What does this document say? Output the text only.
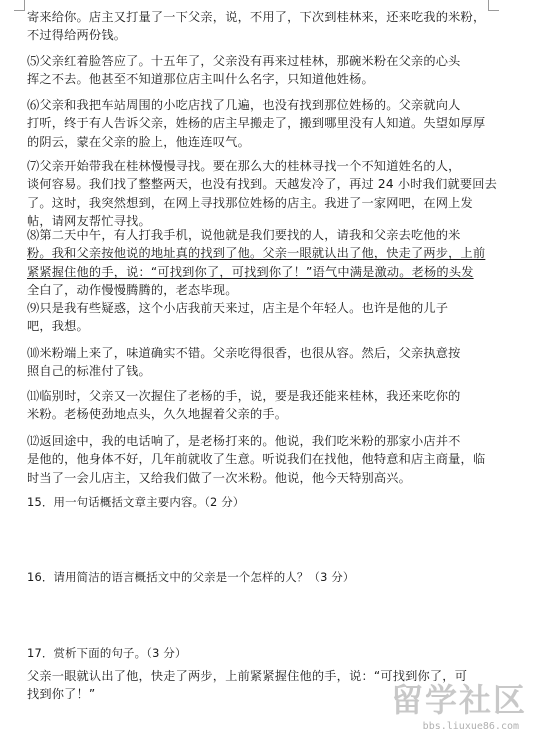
寄来给你。店主又打量了一下父亲，说，不用了，下次到桂林来，还来吃我的米粉，
不过得给两份钱。
⑸父亲红着脸答应了。十五年了，父亲没有再来过桂林，那碗米粉在父亲的心头
挥之不去。他甚至不知道那位店主叫什么名字，只知道他姓杨。
⑹父亲和我把车站周围的小吃店找了几遍，也没有找到那位姓杨的。父亲就向人
打听，终于有人告诉父亲，姓杨的店主早搬走了，搬到哪里没有人知道。失望如厚厚
的阴云，蒙在父亲的脸上，他连连叹气。
⑺父亲开始带我在桂林慢慢寻找。要在那么大的桂林寻找一个不知道姓名的人，
谈何容易。我们找了整整两天，也没有找到。天越发冷了，再过 24 小时我们就要回去
了。这时，我突然想到，在网上寻找那位姓杨的店主。我进了一家网吧，在网上发
帖，请网友帮忙寻找。
⑻第二天中午，有人打我手机，说他就是我们要找的人，请我和父亲去吃他的米
粉。我和父亲按他说的地址真的找到了他。父亲一眼就认出了他，快走了两步，上前
紧紧握住他的手，说：“可找到你了，可找到你了！”语气中满是激动。老杨的头发
全白了，动作慢慢腾腾的，老态毕现。
⑼只是我有些疑惑，这个小店我前天来过，店主是个年轻人。也许是他的儿子
吧，我想。
⑽米粉端上来了，味道确实不错。父亲吃得很香，也很从容。然后，父亲执意按
照自己的标准付了钱。
⑾临别时，父亲又一次握住了老杨的手，说，要是我还能来桂林，我还来吃你的
米粉。老杨使劲地点头，久久地握着父亲的手。
⑿返回途中，我的电话响了，是老杨打来的。他说，我们吃米粉的那家小店并不
是他的，他身体不好，几年前就收了生意。听说我们在找他，他特意和店主商量，临
时当了一会儿店主，又给我们做了一次米粉。他说，他今天特别高兴。
15．用一句话概括文章主要内容。（2 分）
16．请用简洁的语言概括文中的父亲是一个怎样的人？（3 分）
17．赏析下面的句子。（3 分）
父亲一眼就认出了他，快走了两步，上前紧紧握住他的手，说：“可找到你了，可
找到你了！”	留学社区
bbs.liuxue86.com
